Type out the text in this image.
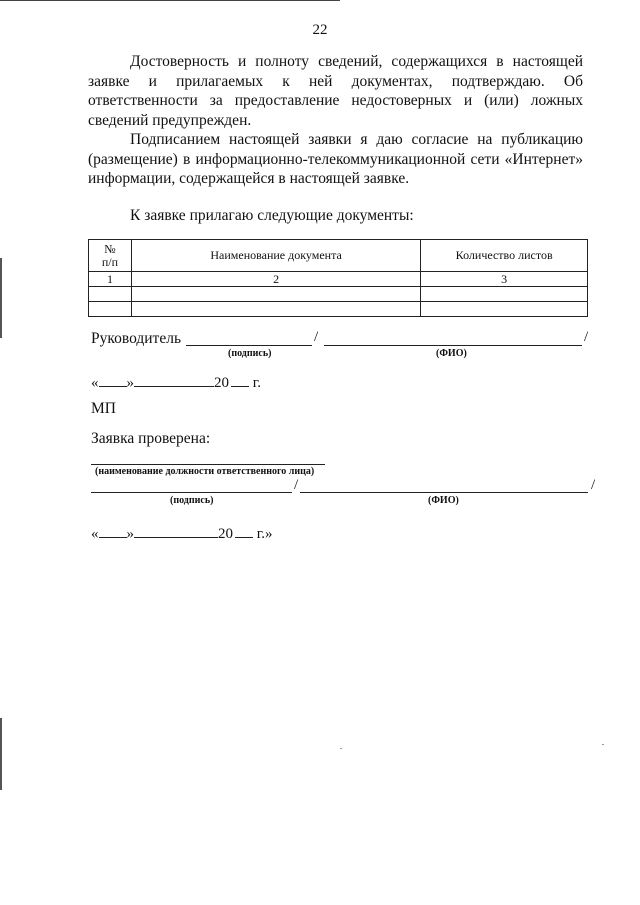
22

Достоверность и полноту сведений, содержащихся в настоящей заявке и прилагаемых к ней документах, подтверждаю. Об ответственности за предоставление недостоверных и (или) ложных сведений предупрежден.

Подписанием настоящей заявки я даю согласие на публикацию (размещение) в информационно-телекоммуникационной сети «Интернет» информации, содержащейся в настоящей заявке.

К заявке прилагаю следующие документы:
№
п/п	Наименование документа	Количество листов
1	2	3

Руководитель	/	/
(подпись)	(ФИО)
« »	20 г.
МП
Заявка проверена:
(наименование должности ответственного лица)
/	/
(подпись)	(ФИО)
« »	20 г.»
